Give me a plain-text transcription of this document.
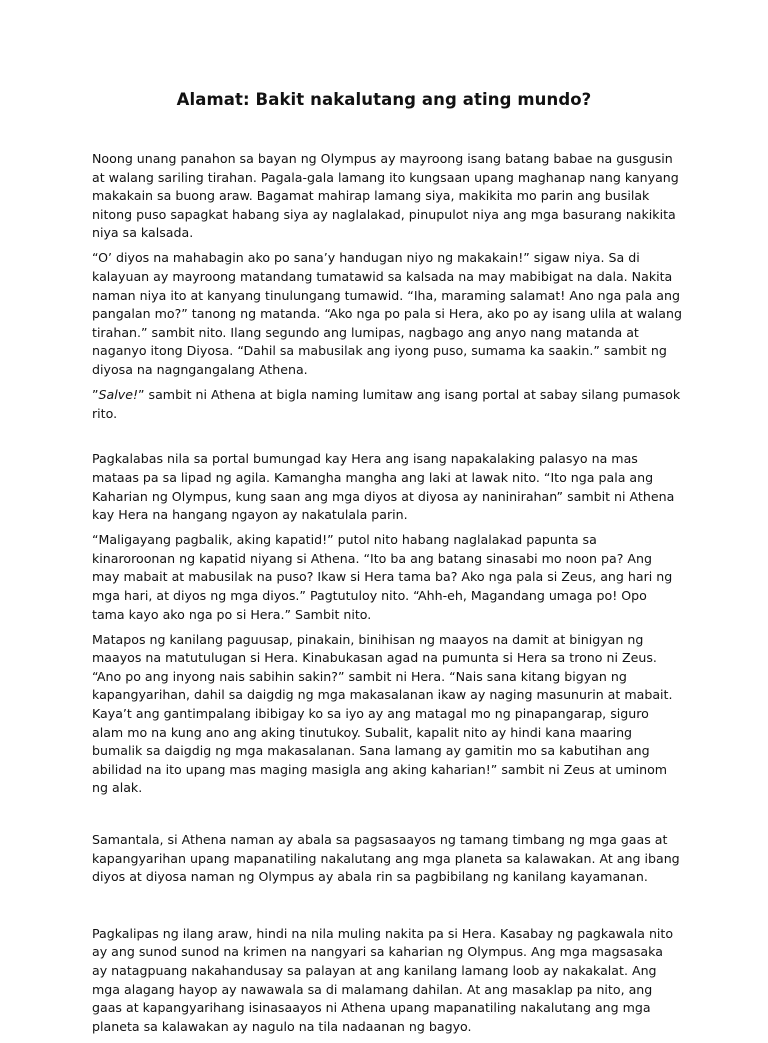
Alamat: Bakit nakalutang ang ating mundo?

Noong unang panahon sa bayan ng Olympus ay mayroong isang batang babae na gusgusin at walang sariling tirahan. Pagala-gala lamang ito kungsaan upang maghanap nang kanyang makakain sa buong araw. Bagamat mahirap lamang siya, makikita mo parin ang busilak nitong puso sapagkat habang siya ay naglalakad, pinupulot niya ang mga basurang nakikita niya sa kalsada.

“O’ diyos na mahabagin ako po sana’y handugan niyo ng makakain!” sigaw niya. Sa di kalayuan ay mayroong matandang tumatawid sa kalsada na may mabibigat na dala. Nakita naman niya ito at kanyang tinulungang tumawid. “Iha, maraming salamat! Ano nga pala ang pangalan mo?” tanong ng matanda. “Ako nga po pala si Hera, ako po ay isang ulila at walang tirahan.” sambit nito. Ilang segundo ang lumipas, nagbago ang anyo nang matanda at naganyo itong Diyosa. “Dahil sa mabusilak ang iyong puso, sumama ka saakin.” sambit ng diyosa na nagngangalang Athena.

”Salve!” sambit ni Athena at bigla naming lumitaw ang isang portal at sabay silang pumasok rito.

Pagkalabas nila sa portal bumungad kay Hera ang isang napakalaking palasyo na mas mataas pa sa lipad ng agila. Kamangha mangha ang laki at lawak nito. “Ito nga pala ang Kaharian ng Olympus, kung saan ang mga diyos at diyosa ay naninirahan” sambit ni Athena kay Hera na hangang ngayon ay nakatulala parin.

“Maligayang pagbalik, aking kapatid!” putol nito habang naglalakad papunta sa kinaroroonan ng kapatid niyang si Athena. “Ito ba ang batang sinasabi mo noon pa? Ang may mabait at mabusilak na puso? Ikaw si Hera tama ba? Ako nga pala si Zeus, ang hari ng mga hari, at diyos ng mga diyos.” Pagtutuloy nito. “Ahh-eh, Magandang umaga po! Opo tama kayo ako nga po si Hera.” Sambit nito.

Matapos ng kanilang paguusap, pinakain, binihisan ng maayos na damit at binigyan ng maayos na matutulugan si Hera. Kinabukasan agad na pumunta si Hera sa trono ni Zeus. “Ano po ang inyong nais sabihin sakin?” sambit ni Hera. “Nais sana kitang bigyan ng kapangyarihan, dahil sa daigdig ng mga makasalanan ikaw ay naging masunurin at mabait. Kaya’t ang gantimpalang ibibigay ko sa iyo ay ang matagal mo ng pinapangarap, siguro alam mo na kung ano ang aking tinutukoy. Subalit, kapalit nito ay hindi kana maaring bumalik sa daigdig ng mga makasalanan. Sana lamang ay gamitin mo sa kabutihan ang abilidad na ito upang mas maging masigla ang aking kaharian!” sambit ni Zeus at uminom ng alak.

Samantala, si Athena naman ay abala sa pagsasaayos ng tamang timbang ng mga gaas at kapangyarihan upang mapanatiling nakalutang ang mga planeta sa kalawakan. At ang ibang diyos at diyosa naman ng Olympus ay abala rin sa pagbibilang ng kanilang kayamanan.

Pagkalipas ng ilang araw, hindi na nila muling nakita pa si Hera. Kasabay ng pagkawala nito ay ang sunod sunod na krimen na nangyari sa kaharian ng Olympus. Ang mga magsasaka ay natagpuang nakahandusay sa palayan at ang kanilang lamang loob ay nakakalat. Ang mga alagang hayop ay nawawala sa di malamang dahilan. At ang masaklap pa nito, ang gaas at kapangyarihang isinasaayos ni Athena upang mapanatiling nakalutang ang mga planeta sa kalawakan ay nagulo na tila nadaanan ng bagyo.
